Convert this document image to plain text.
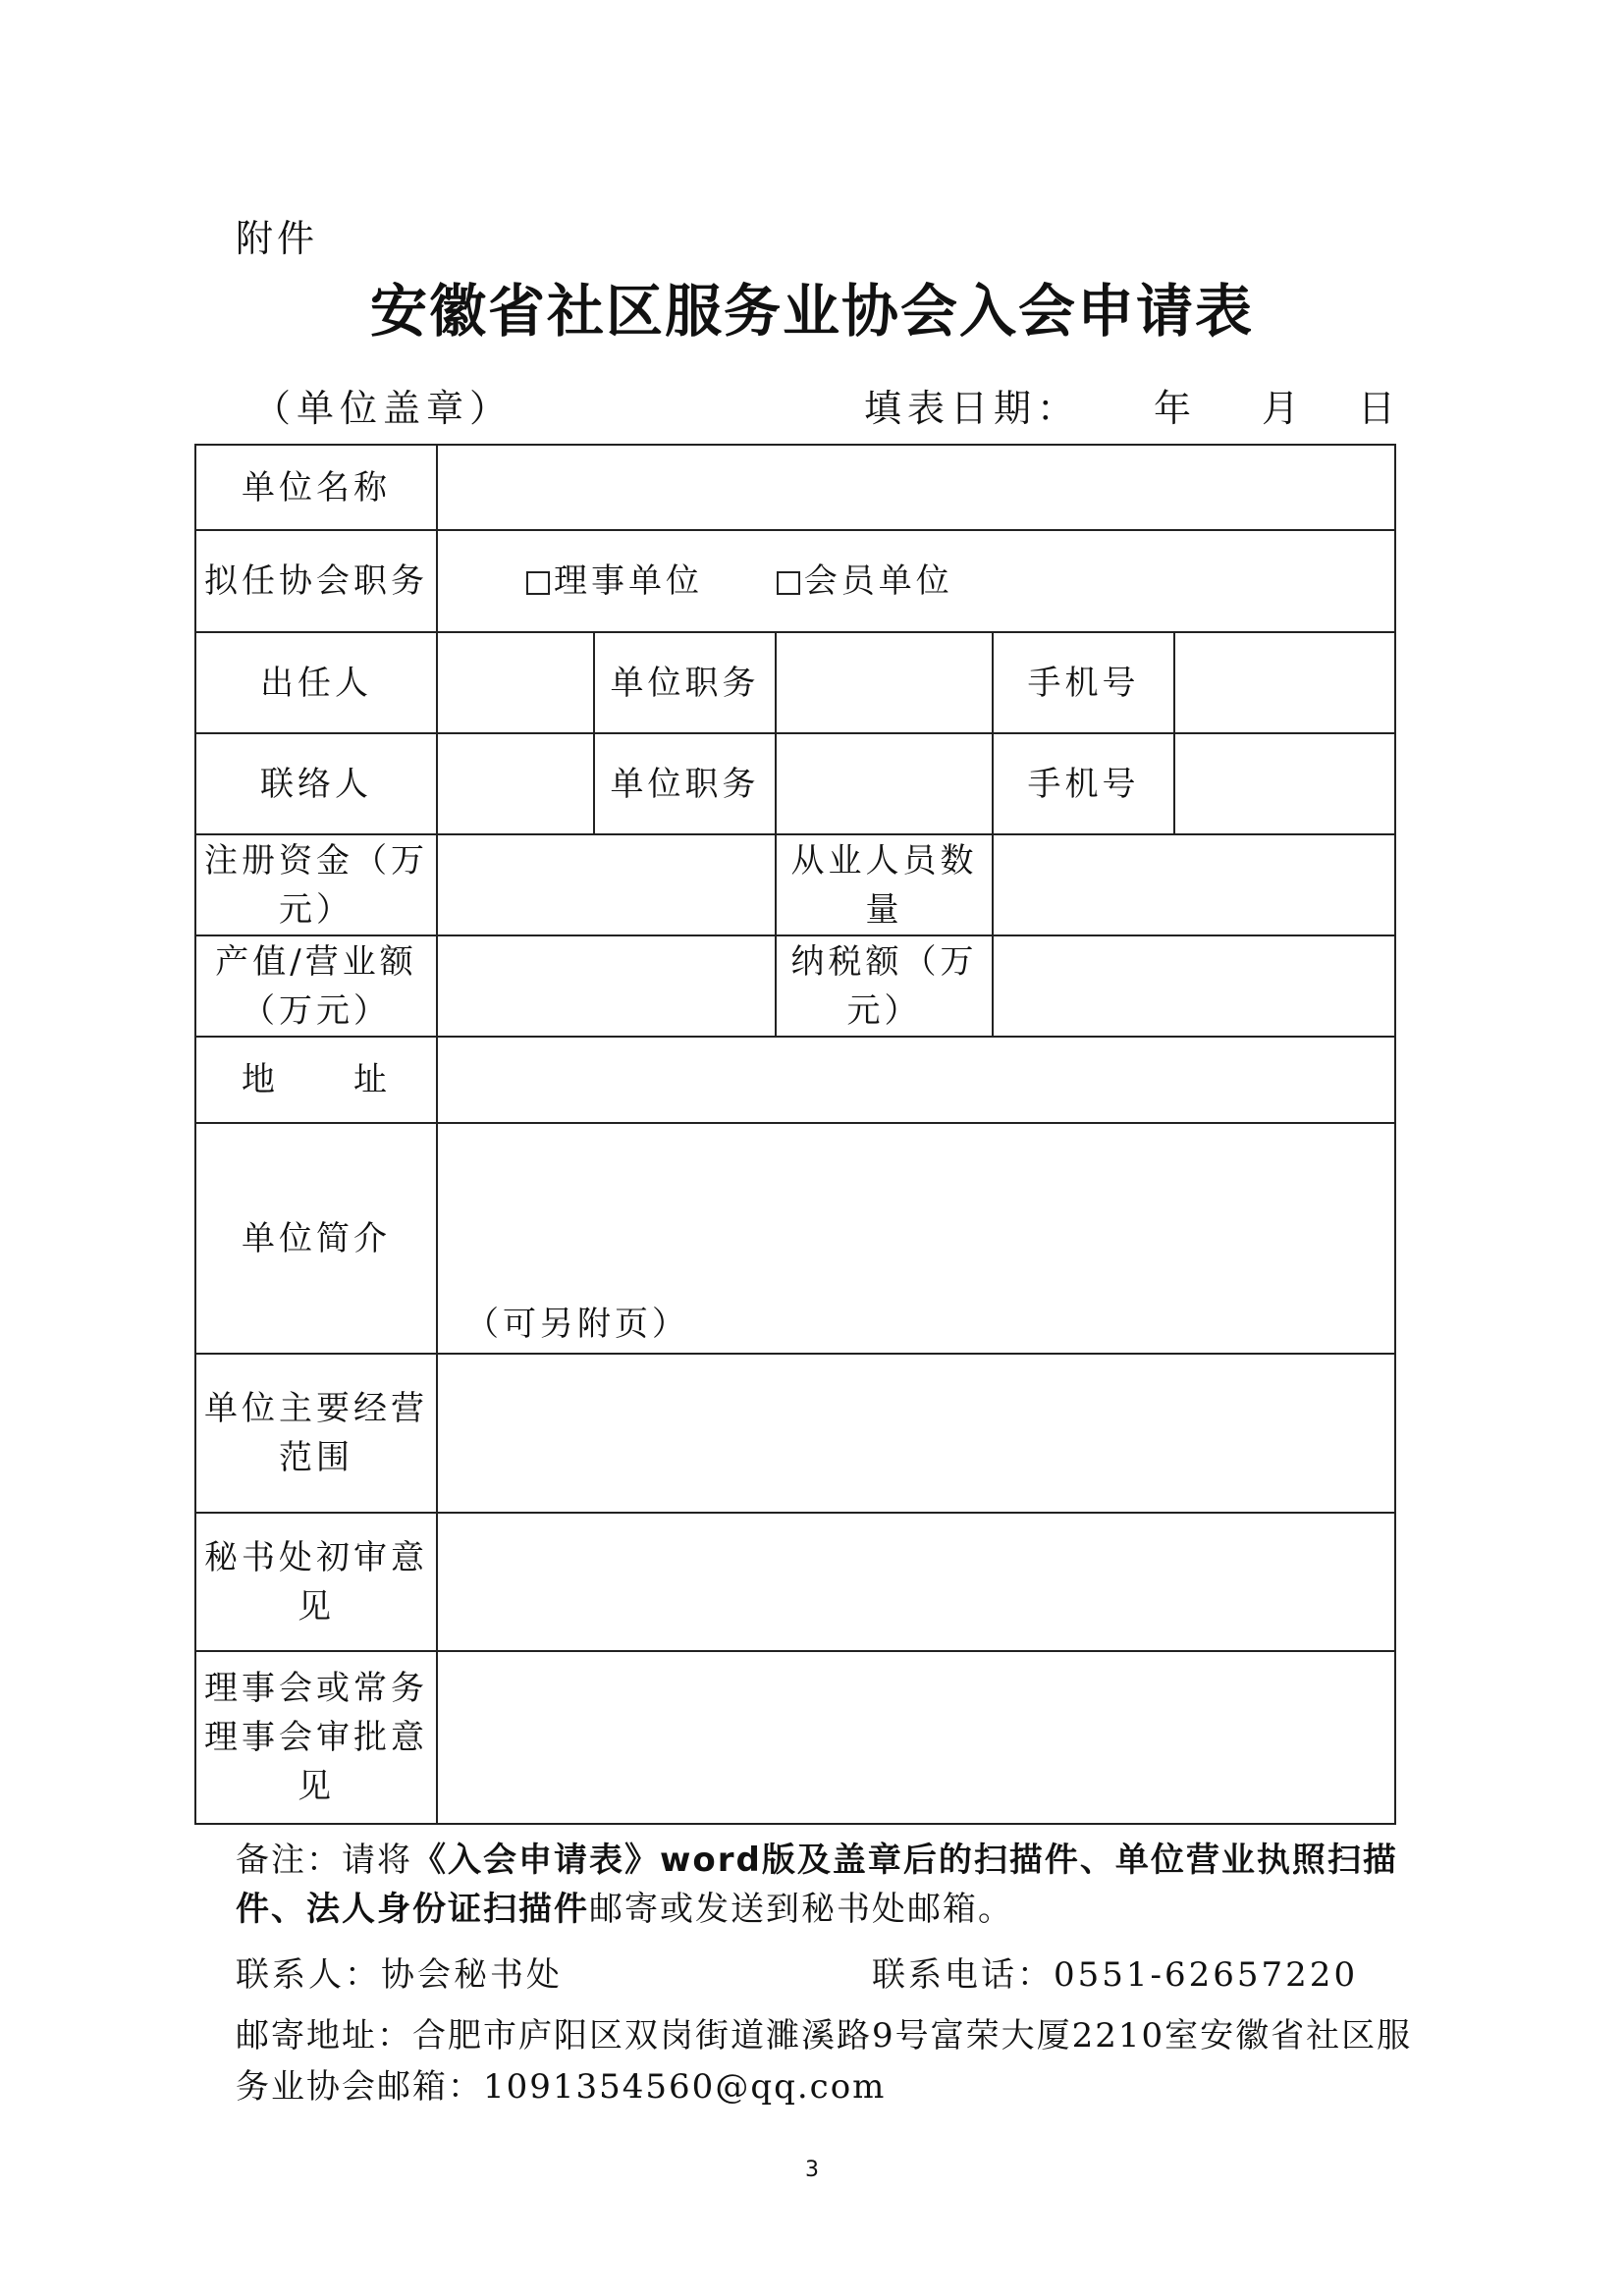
附件
安徽省社区服务业协会入会申请表
（单位盖章）	填表日期： 年 月 日
单位名称					
拟任协会职务	理事单位 会员单位				
出任人		单位职务		手机号	
联络人		单位职务		手机号	
注册资金（万元）			从业人员数量		
产值/营业额（万元）			纳税额（万元）		
地　　址					
单位简介	（可另附页）				

单位主要经营范围					
秘书处初审意见					
理事会或常务理事会审批意见					
备注：请将《入会申请表》word版及盖章后的扫描件、单位营业执照扫描件、法人身份证扫描件邮寄或发送到秘书处邮箱。
联系人：协会秘书处	联系电话：0551-62657220
邮寄地址：合肥市庐阳区双岗街道濉溪路9号富荣大厦2210室安徽省社区服务业协会邮箱：1091354560@qq.com
3
